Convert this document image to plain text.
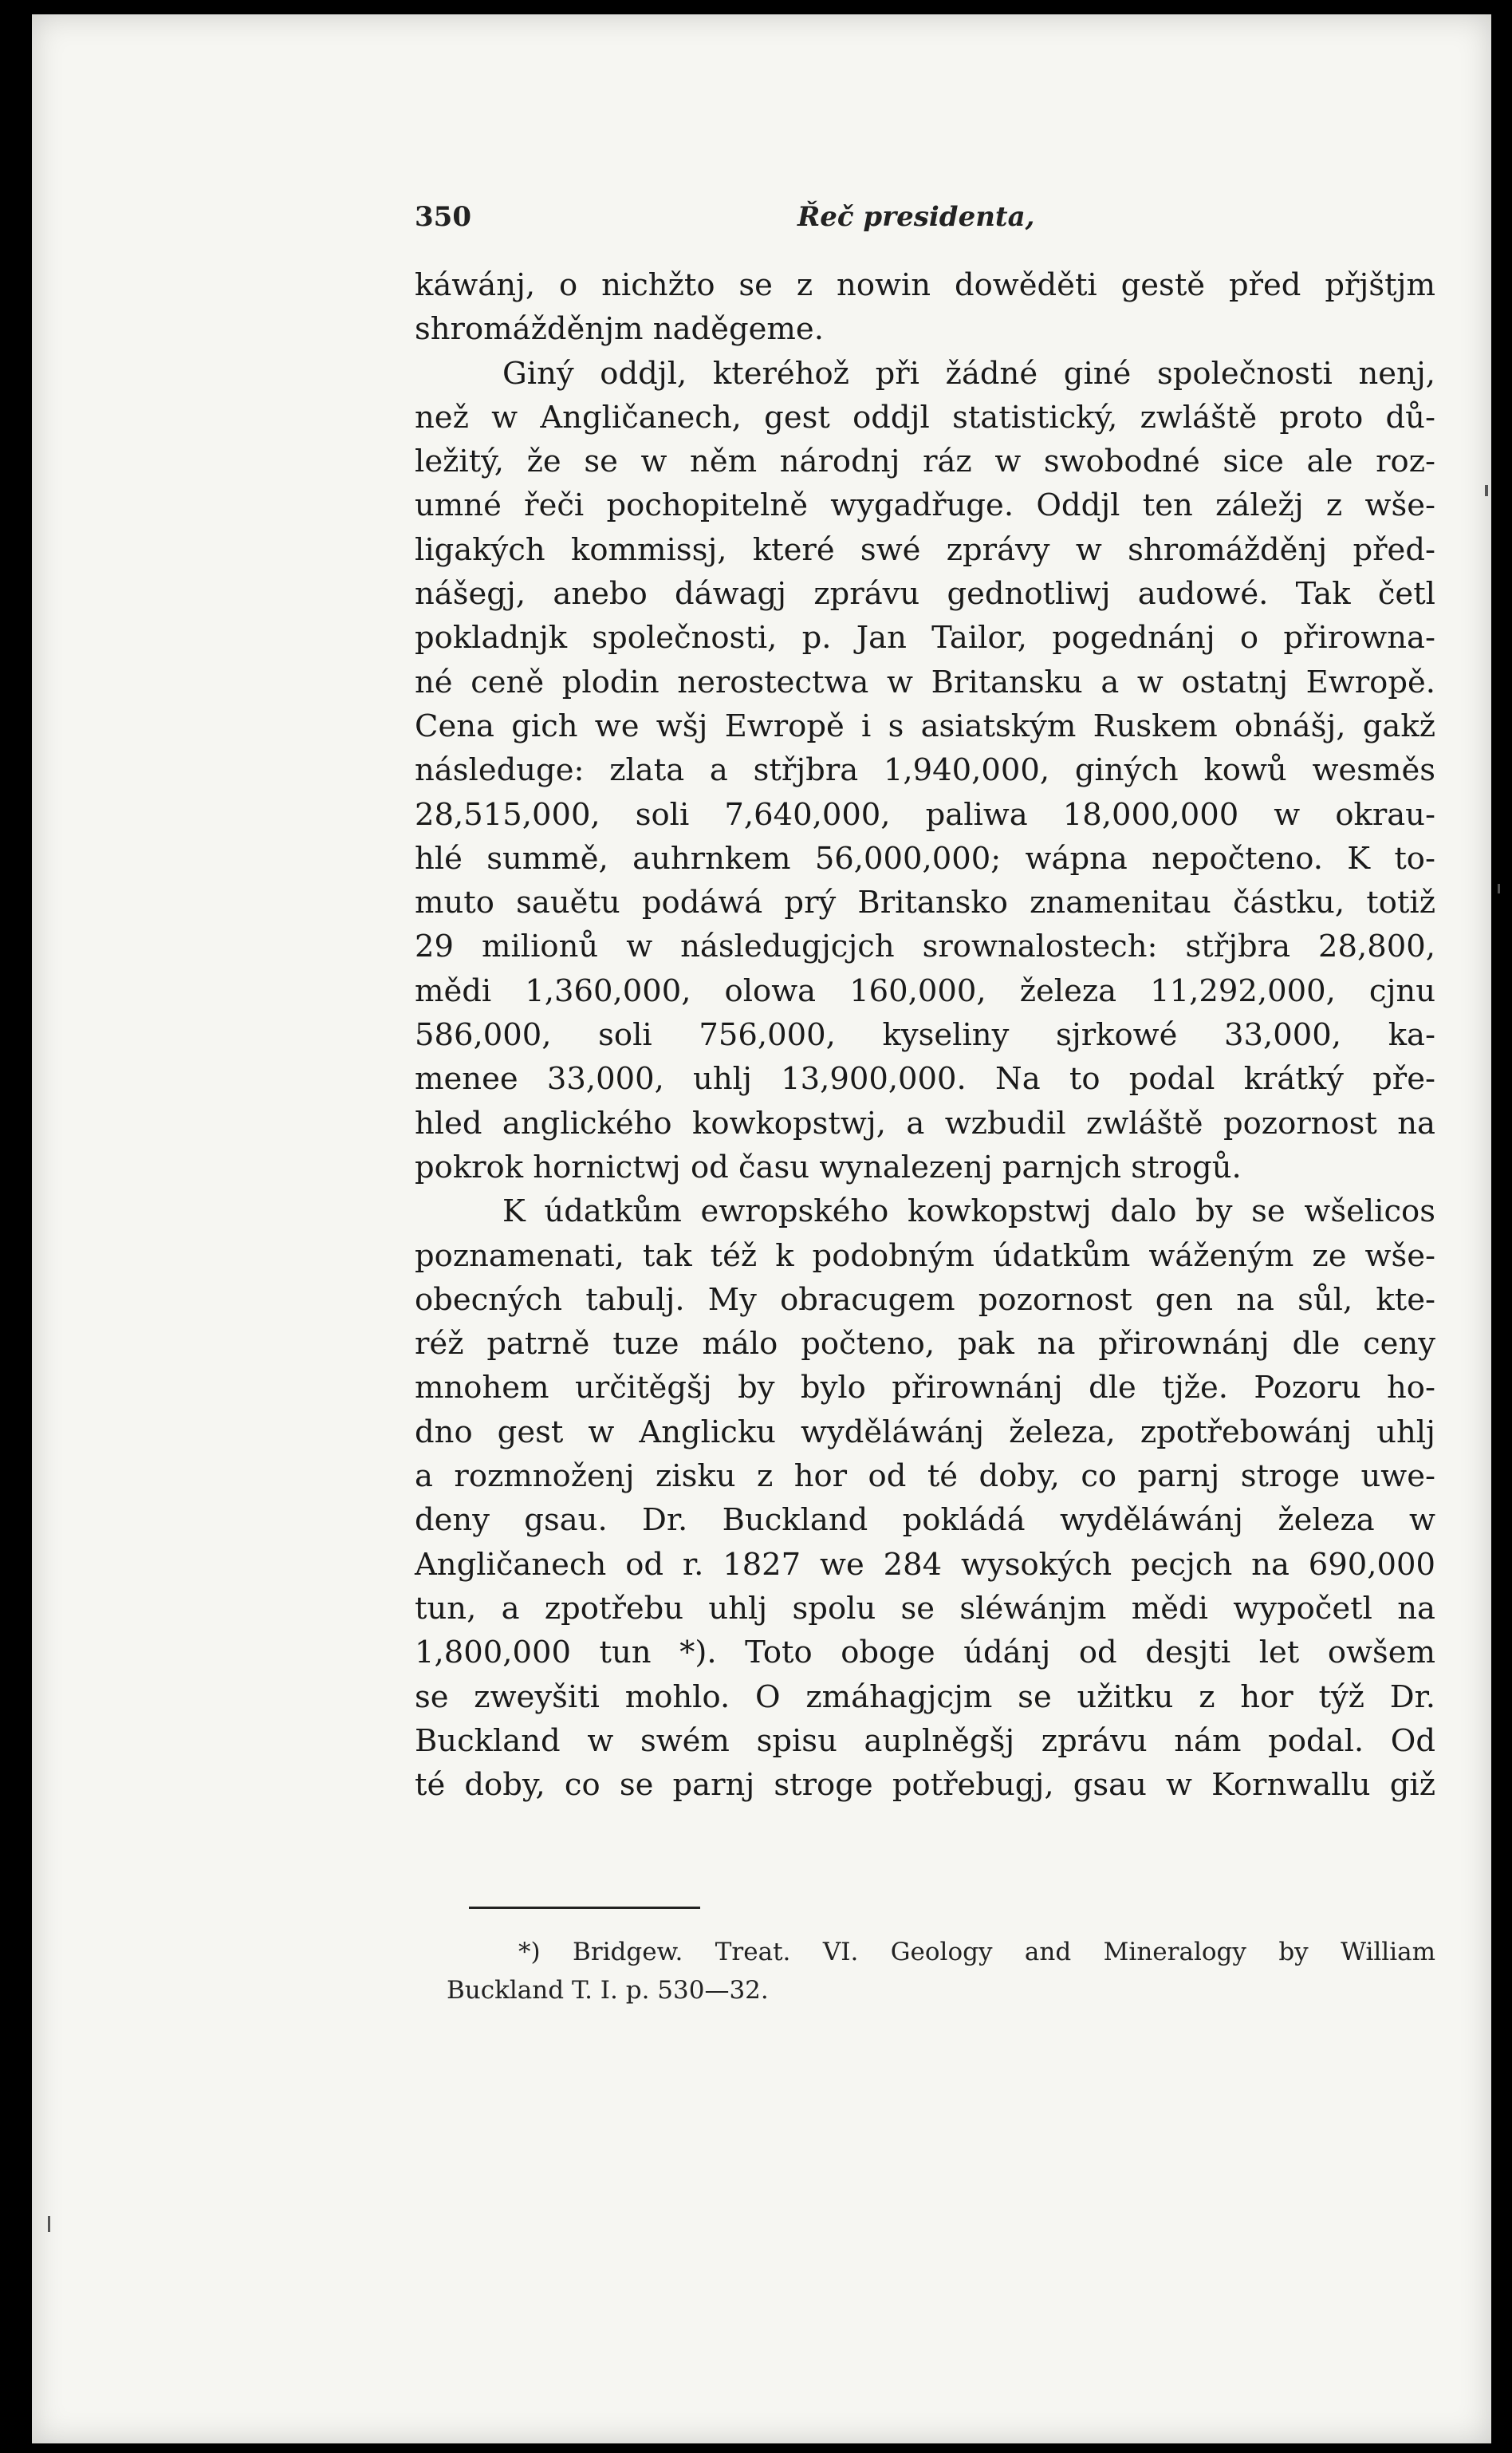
350	Řeč presidenta,
káwánj, o nichžto se z nowin dowěděti gestě před přjštjm
shromážděnjm naděgeme.
Giný oddjl, kteréhož při žádné giné společnosti nenj,
než w Angličanech, gest oddjl statistický, zwláště proto dů-
ležitý, že se w něm národnj ráz w swobodné sice ale roz-
umné řeči pochopitelně wygadřuge. Oddjl ten záležj z wše-
ligakých kommissj, které swé zprávy w shromážděnj před-
nášegj, anebo dáwagj zprávu gednotliwj audowé. Tak četl
pokladnjk společnosti, p. Jan Tailor, pogednánj o přirowna-
né ceně plodin nerostectwa w Britansku a w ostatnj Ewropě.
Cena gich we wšj Ewropě i s asiatským Ruskem obnášj, gakž
následuge: zlata a střjbra 1,940,000, giných kowů wesměs
28,515,000, soli 7,640,000, paliwa 18,000,000 w okrau-
hlé summě, auhrnkem 56,000,000; wápna nepočteno. K to-
muto sauětu podáwá prý Britansko znamenitau částku, totiž
29 milionů w následugjcjch srownalostech: střjbra 28,800,
mědi 1,360,000, olowa 160,000, železa 11,292,000, cjnu
586,000, soli 756,000, kyseliny sjrkowé 33,000, ka-
menee 33,000, uhlj 13,900,000. Na to podal krátký pře-
hled anglického kowkopstwj, a wzbudil zwláště pozornost na
pokrok hornictwj od času wynalezenj parnjch strogů.
K údatkům ewropského kowkopstwj dalo by se wšelicos
poznamenati, tak též k podobným údatkům wáženým ze wše-
obecných tabulj. My obracugem pozornost gen na sůl, kte-
réž patrně tuze málo počteno, pak na přirownánj dle ceny
mnohem určitěgšj by bylo přirownánj dle tjže. Pozoru ho-
dno gest w Anglicku wyděláwánj železa, zpotřebowánj uhlj
a rozmnoženj zisku z hor od té doby, co parnj stroge uwe-
deny gsau. Dr. Buckland pokládá wyděláwánj železa w
Angličanech od r. 1827 we 284 wysokých pecjch na 690,000
tun, a zpotřebu uhlj spolu se sléwánjm mědi wypočetl na
1,800,000 tun *). Toto oboge údánj od desjti let owšem
se zweyšiti mohlo. O zmáhagjcjm se užitku z hor týž Dr.
Buckland w swém spisu auplněgšj zprávu nám podal. Od
té doby, co se parnj stroge potřebugj, gsau w Kornwallu giž
*) Bridgew. Treat. VI. Geology and Mineralogy by William
Buckland T. I. p. 530—32.
